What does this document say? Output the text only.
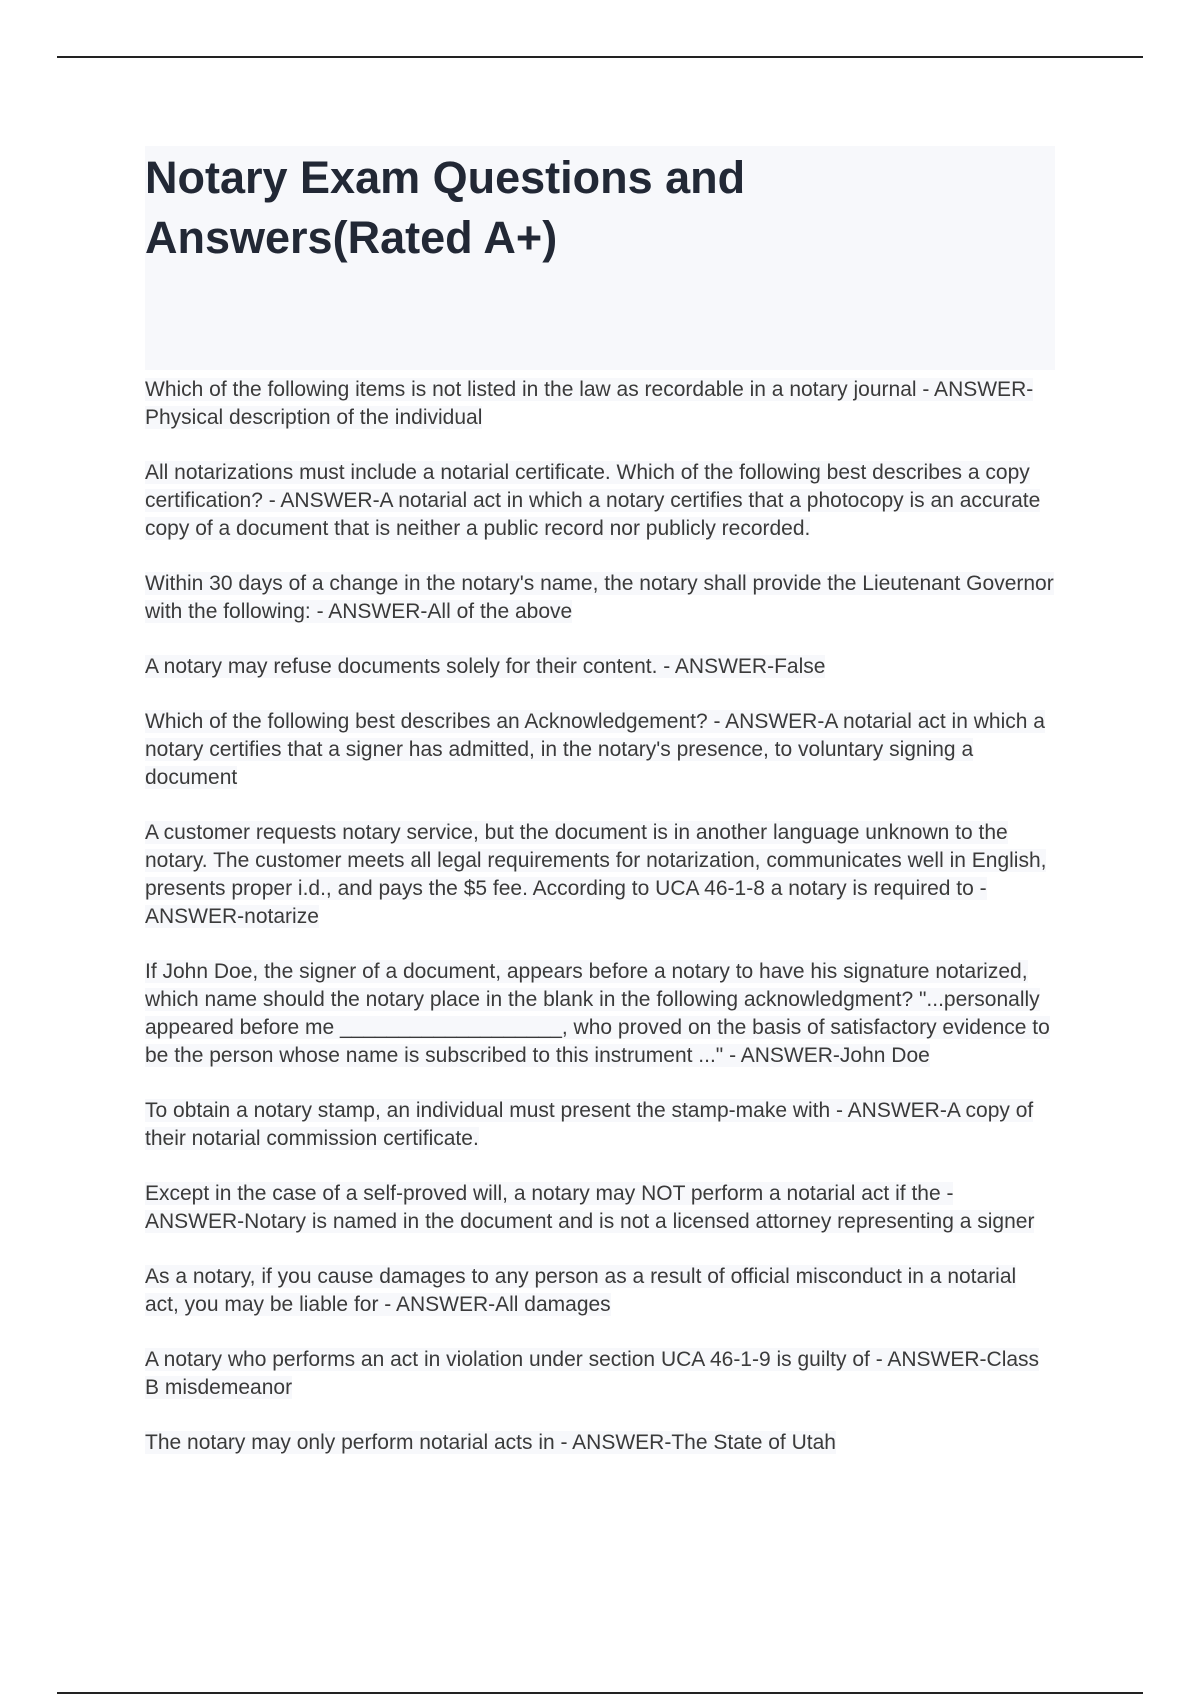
Notary Exam Questions and Answers(Rated A+)

Which of the following items is not listed in the law as recordable in a notary journal - ANSWER-Physical description of the individual

All notarizations must include a notarial certificate. Which of the following best describes a copy certification? - ANSWER-A notarial act in which a notary certifies that a photocopy is an accurate copy of a document that is neither a public record nor publicly recorded.

Within 30 days of a change in the notary's name, the notary shall provide the Lieutenant Governor with the following: - ANSWER-All of the above

A notary may refuse documents solely for their content. - ANSWER-False

Which of the following best describes an Acknowledgement? - ANSWER-A notarial act in which a notary certifies that a signer has admitted, in the notary's presence, to voluntary signing a document

A customer requests notary service, but the document is in another language unknown to the notary. The customer meets all legal requirements for notarization, communicates well in English, presents proper i.d., and pays the $5 fee. According to UCA 46-1-8 a notary is required to - ANSWER-notarize

If John Doe, the signer of a document, appears before a notary to have his signature notarized, which name should the notary place in the blank in the following acknowledgment? "...personally appeared before me ___________________, who proved on the basis of satisfactory evidence to be the person whose name is subscribed to this instrument ..." - ANSWER-John Doe

To obtain a notary stamp, an individual must present the stamp-make with - ANSWER-A copy of their notarial commission certificate.

Except in the case of a self-proved will, a notary may NOT perform a notarial act if the - ANSWER-Notary is named in the document and is not a licensed attorney representing a signer

As a notary, if you cause damages to any person as a result of official misconduct in a notarial act, you may be liable for - ANSWER-All damages

A notary who performs an act in violation under section UCA 46-1-9 is guilty of - ANSWER-Class B misdemeanor

The notary may only perform notarial acts in - ANSWER-The State of Utah
